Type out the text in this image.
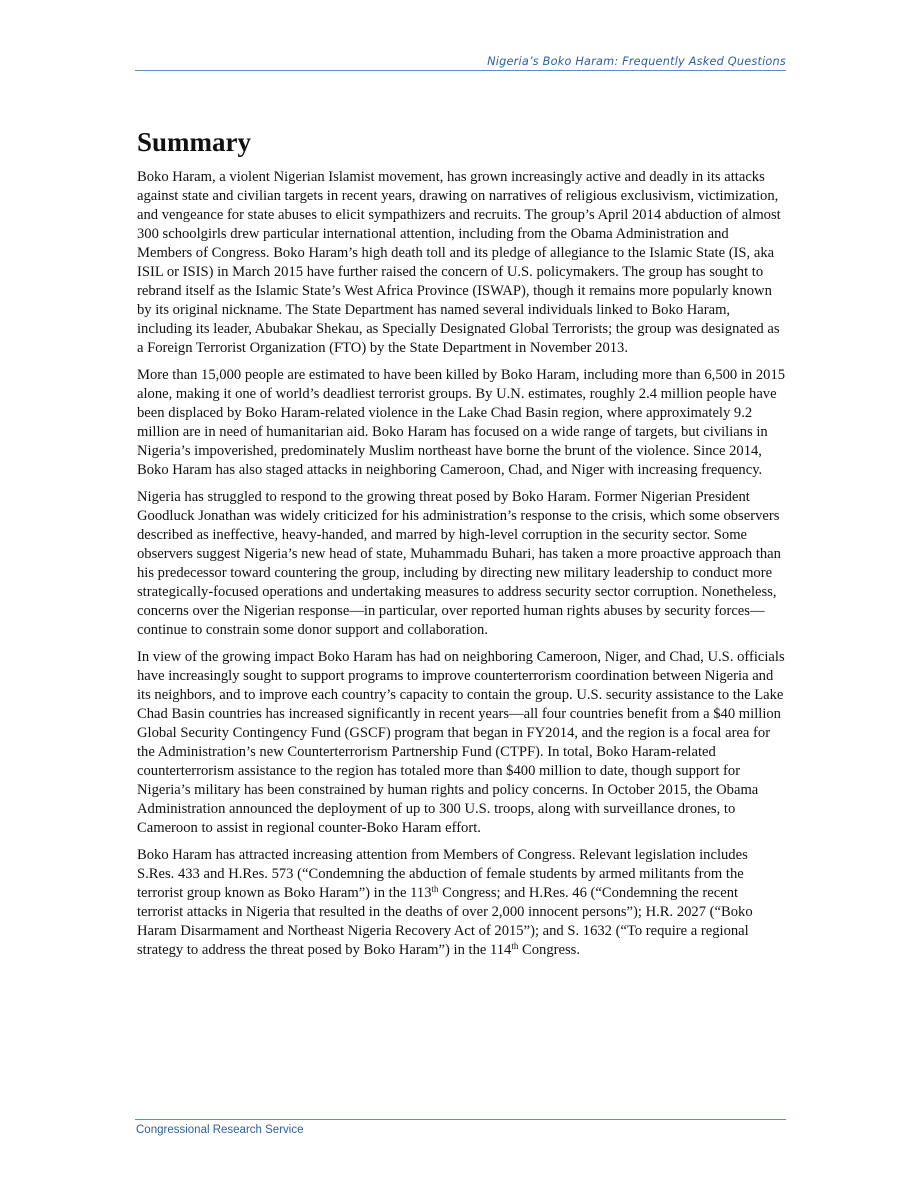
Nigeria’s Boko Haram: Frequently Asked Questions
Summary

Boko Haram, a violent Nigerian Islamist movement, has grown increasingly active and deadly in its attacks against state and civilian targets in recent years, drawing on narratives of religious exclusivism, victimization, and vengeance for state abuses to elicit sympathizers and recruits. The group’s April 2014 abduction of almost 300 schoolgirls drew particular international attention, including from the Obama Administration and Members of Congress. Boko Haram’s high death toll and its pledge of allegiance to the Islamic State (IS, aka ISIL or ISIS) in March 2015 have further raised the concern of U.S. policymakers. The group has sought to rebrand itself as the Islamic State’s West Africa Province (ISWAP), though it remains more popularly known by its original nickname. The State Department has named several individuals linked to Boko Haram, including its leader, Abubakar Shekau, as Specially Designated Global Terrorists; the group was designated as a Foreign Terrorist Organization (FTO) by the State Department in November 2013.

More than 15,000 people are estimated to have been killed by Boko Haram, including more than 6,500 in 2015 alone, making it one of world’s deadliest terrorist groups. By U.N. estimates, roughly 2.4 million people have been displaced by Boko Haram-related violence in the Lake Chad Basin region, where approximately 9.2 million are in need of humanitarian aid. Boko Haram has focused on a wide range of targets, but civilians in Nigeria’s impoverished, predominately Muslim northeast have borne the brunt of the violence. Since 2014, Boko Haram has also staged attacks in neighboring Cameroon, Chad, and Niger with increasing frequency.

Nigeria has struggled to respond to the growing threat posed by Boko Haram. Former Nigerian President Goodluck Jonathan was widely criticized for his administration’s response to the crisis, which some observers described as ineffective, heavy-handed, and marred by high-level corruption in the security sector. Some observers suggest Nigeria’s new head of state, Muhammadu Buhari, has taken a more proactive approach than his predecessor toward countering the group, including by directing new military leadership to conduct more strategically-focused operations and undertaking measures to address security sector corruption. Nonetheless, concerns over the Nigerian response—in particular, over reported human rights abuses by security forces—continue to constrain some donor support and collaboration.

In view of the growing impact Boko Haram has had on neighboring Cameroon, Niger, and Chad, U.S. officials have increasingly sought to support programs to improve counterterrorism coordination between Nigeria and its neighbors, and to improve each country’s capacity to contain the group. U.S. security assistance to the Lake Chad Basin countries has increased significantly in recent years—all four countries benefit from a $40 million Global Security Contingency Fund (GSCF) program that began in FY2014, and the region is a focal area for the Administration’s new Counterterrorism Partnership Fund (CTPF). In total, Boko Haram-related counterterrorism assistance to the region has totaled more than $400 million to date, though support for Nigeria’s military has been constrained by human rights and policy concerns. In October 2015, the Obama Administration announced the deployment of up to 300 U.S. troops, along with surveillance drones, to Cameroon to assist in regional counter-Boko Haram effort.

Boko Haram has attracted increasing attention from Members of Congress. Relevant legislation includes S.Res. 433 and H.Res. 573 (“Condemning the abduction of female students by armed militants from the terrorist group known as Boko Haram”) in the 113th Congress; and H.Res. 46 (“Condemning the recent terrorist attacks in Nigeria that resulted in the deaths of over 2,000 innocent persons”); H.R. 2027 (“Boko Haram Disarmament and Northeast Nigeria Recovery Act of 2015”); and S. 1632 (“To require a regional strategy to address the threat posed by Boko Haram”) in the 114th Congress.

Congressional Research Service
